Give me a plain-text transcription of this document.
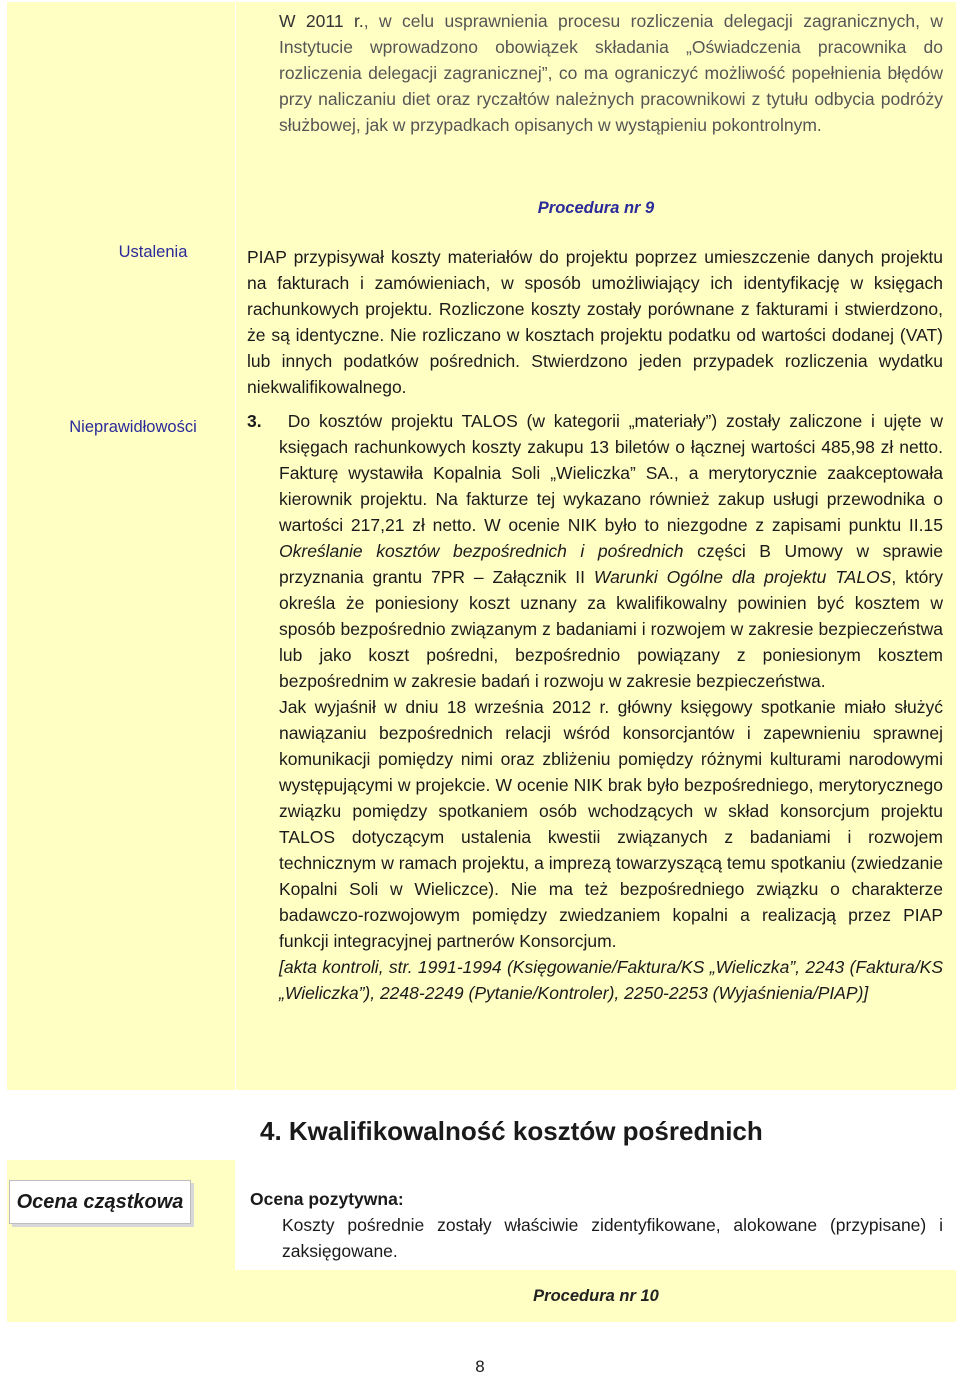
W 2011 r., w celu usprawnienia procesu rozliczenia delegacji zagranicznych, w Instytucie wprowadzono obowiązek składania „Oświadczenia pracownika do rozliczenia delegacji zagranicznej”, co ma ograniczyć możliwość popełnienia błędów przy naliczaniu diet oraz ryczałtów należnych pracownikowi z tytułu odbycia podróży służbowej, jak w przypadkach opisanych w wystąpieniu pokontrolnym.

Procedura nr 9
Ustalenia
Nieprawidłowości

PIAP przypisywał koszty materiałów do projektu poprzez umieszczenie danych projektu na fakturach i zamówieniach, w sposób umożliwiający ich identyfikację w księgach rachunkowych projektu. Rozliczone koszty zostały porównane z fakturami i stwierdzono, że są identyczne. Nie rozliczano w kosztach projektu podatku od wartości dodanej (VAT) lub innych podatków pośrednich. Stwierdzono jeden przypadek rozliczenia wydatku niekwalifikowalnego.

3. Do kosztów projektu TALOS (w kategorii „materiały”) zostały zaliczone i ujęte w księgach rachunkowych koszty zakupu 13 biletów o łącznej wartości 485,98 zł netto. Fakturę wystawiła Kopalnia Soli „Wieliczka” SA., a merytorycznie zaakceptowała kierownik projektu. Na fakturze tej wykazano również zakup usługi przewodnika o wartości 217,21 zł netto. W ocenie NIK było to niezgodne z zapisami punktu II.15 Określanie kosztów bezpośrednich i pośrednich części B Umowy w sprawie przyznania grantu 7PR – Załącznik II Warunki Ogólne dla projektu TALOS, który określa że poniesiony koszt uznany za kwalifikowalny powinien być kosztem w sposób bezpośrednio związanym z badaniami i rozwojem w zakresie bezpieczeństwa lub jako koszt pośredni, bezpośrednio powiązany z poniesionym kosztem bezpośrednim w zakresie badań i rozwoju w zakresie bezpieczeństwa.

Jak wyjaśnił w dniu 18 września 2012 r. główny księgowy spotkanie miało służyć nawiązaniu bezpośrednich relacji wśród konsorcjantów i zapewnieniu sprawnej komunikacji pomiędzy nimi oraz zbliżeniu pomiędzy różnymi kulturami narodowymi występującymi w projekcie. W ocenie NIK brak było bezpośredniego, merytorycznego związku pomiędzy spotkaniem osób wchodzących w skład konsorcjum projektu TALOS dotyczącym ustalenia kwestii związanych z badaniami i rozwojem technicznym w ramach projektu, a imprezą towarzyszącą temu spotkaniu (zwiedzanie Kopalni Soli w Wieliczce). Nie ma też bezpośredniego związku o charakterze badawczo-rozwojowym pomiędzy zwiedzaniem kopalni a realizacją przez PIAP funkcji integracyjnej partnerów Konsorcjum.

[akta kontroli, str. 1991-1994 (Księgowanie/Faktura/KS „Wieliczka”, 2243 (Faktura/KS „Wieliczka”), 2248-2249 (Pytanie/Kontroler), 2250-2253 (Wyjaśnienia/PIAP)]

4. Kwalifikowalność kosztów pośrednich
Ocena cząstkowa	Ocena pozytywna:

Koszty pośrednie zostały właściwie zidentyfikowane, alokowane (przypisane) i zaksięgowane.

Procedura nr 10
8
